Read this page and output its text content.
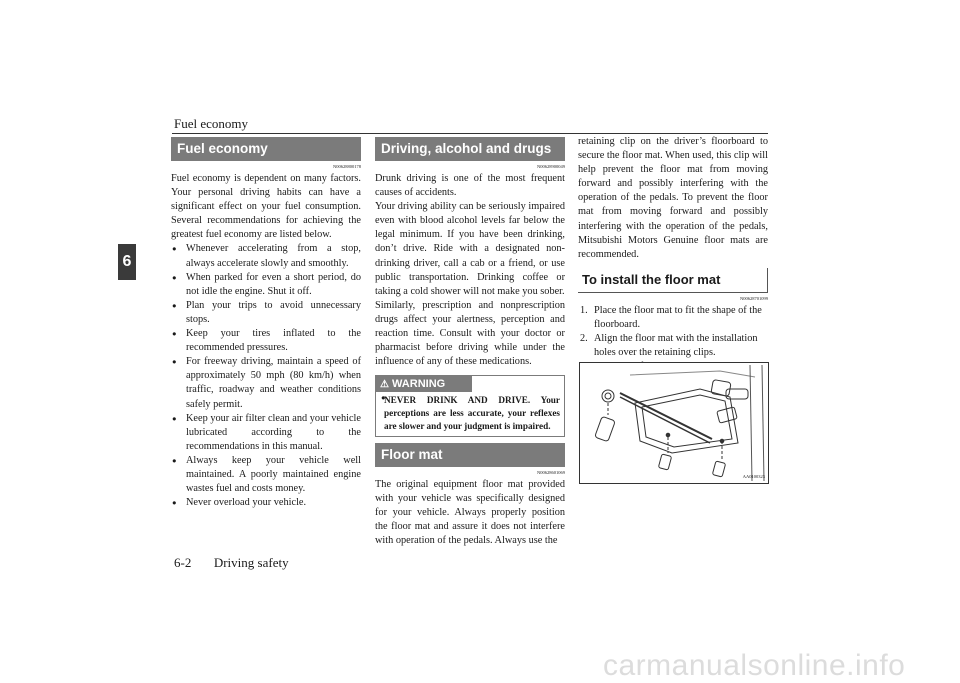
Fuel economy
6
Fuel economy
N00628800178

Fuel economy is dependent on many factors. Your personal driving habits can have a significant effect on your fuel consumption. Several recommendations for achieving the greatest fuel economy are listed below.

● Whenever accelerating from a stop, always accelerate slowly and smoothly.
● When parked for even a short period, do not idle the engine. Shut it off.
● Plan your trips to avoid unnecessary stops.
● Keep your tires inflated to the recommended pressures.
● For freeway driving, maintain a speed of approximately 50 mph (80 km/h) when traffic, roadway and weather conditions safely permit.
● Keep your air filter clean and your vehicle lubricated according to the recommendations in this manual.
● Always keep your vehicle well maintained. A poorly maintained engine wastes fuel and costs money.
● Never overload your vehicle.
Driving, alcohol and drugs
N00628900049

Drunk driving is one of the most frequent causes of accidents.

Your driving ability can be seriously impaired even with blood alcohol levels far below the legal minimum. If you have been drinking, don’t drive. Ride with a designated non-drinking driver, call a cab or a friend, or use public transportation. Drinking coffee or taking a cold shower will not make you sober.

Similarly, prescription and nonprescription drugs affect your alertness, perception and reaction time. Consult with your doctor or pharmacist before driving while under the influence of any of these medications.

⚠ WARNING
● NEVER DRINK AND DRIVE. Your perceptions are less accurate, your reflexes are slower and your judgment is impaired.
Floor mat
N00628601069

The original equipment floor mat provided with your vehicle was specifically designed for your vehicle. Always properly position the floor mat and assure it does not interfere with operation of the pedals. Always use the

retaining clip on the driver’s floorboard to secure the floor mat. When used, this clip will help prevent the floor mat from moving forward and possibly interfering with the operation of the pedals. To prevent the floor mat from moving forward and possibly interfering with the operation of the pedals, Mitsubishi Motors Genuine floor mats are recommended.

To install the floor mat
N00628701099
1. Place the floor mat to fit the shape of the floorboard.
2. Align the floor mat with the installation holes over the retaining clips.
AA0100323
6-2 Driving safety
carmanualsonline.info
